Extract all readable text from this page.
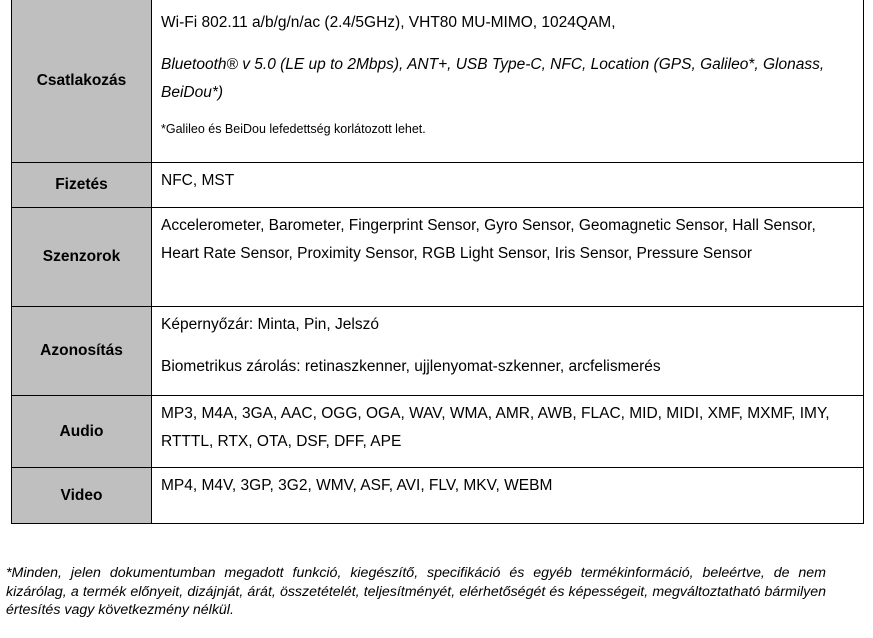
Csatlakozás	Wi-Fi 802.11 a/b/g/n/ac (2.4/5GHz), VHT80 MU-MIMO, 1024QAM,

Bluetooth® v 5.0 (LE up to 2Mbps), ANT+, USB Type-C, NFC, Location (GPS, Galileo*, Glonass, BeiDou*)

*Galileo és BeiDou lefedettség korlátozott lehet.

Fizetés	NFC, MST

Szenzorok	Accelerometer, Barometer, Fingerprint Sensor, Gyro Sensor, Geomagnetic Sensor, Hall Sensor, Heart Rate Sensor, Proximity Sensor, RGB Light Sensor, Iris Sensor, Pressure Sensor

Azonosítás	Képernyőzár: Minta, Pin, Jelszó

Biometrikus zárolás: retinaszkenner, ujjlenyomat-szkenner, arcfelismerés

Audio	MP3, M4A, 3GA, AAC, OGG, OGA, WAV, WMA, AMR, AWB, FLAC, MID, MIDI, XMF, MXMF, IMY, RTTTL, RTX, OTA, DSF, DFF, APE

Video	MP4, M4V, 3GP, 3G2, WMV, ASF, AVI, FLV, MKV, WEBM

*Minden, jelen dokumentumban megadott funkció, kiegészítő, specifikáció és egyéb termékinformáció, beleértve, de nem kizárólag, a termék előnyeit, dizájnját, árát, összetételét, teljesítményét, elérhetőségét és képességeit, megváltoztatható bármilyen értesítés vagy következmény nélkül.
